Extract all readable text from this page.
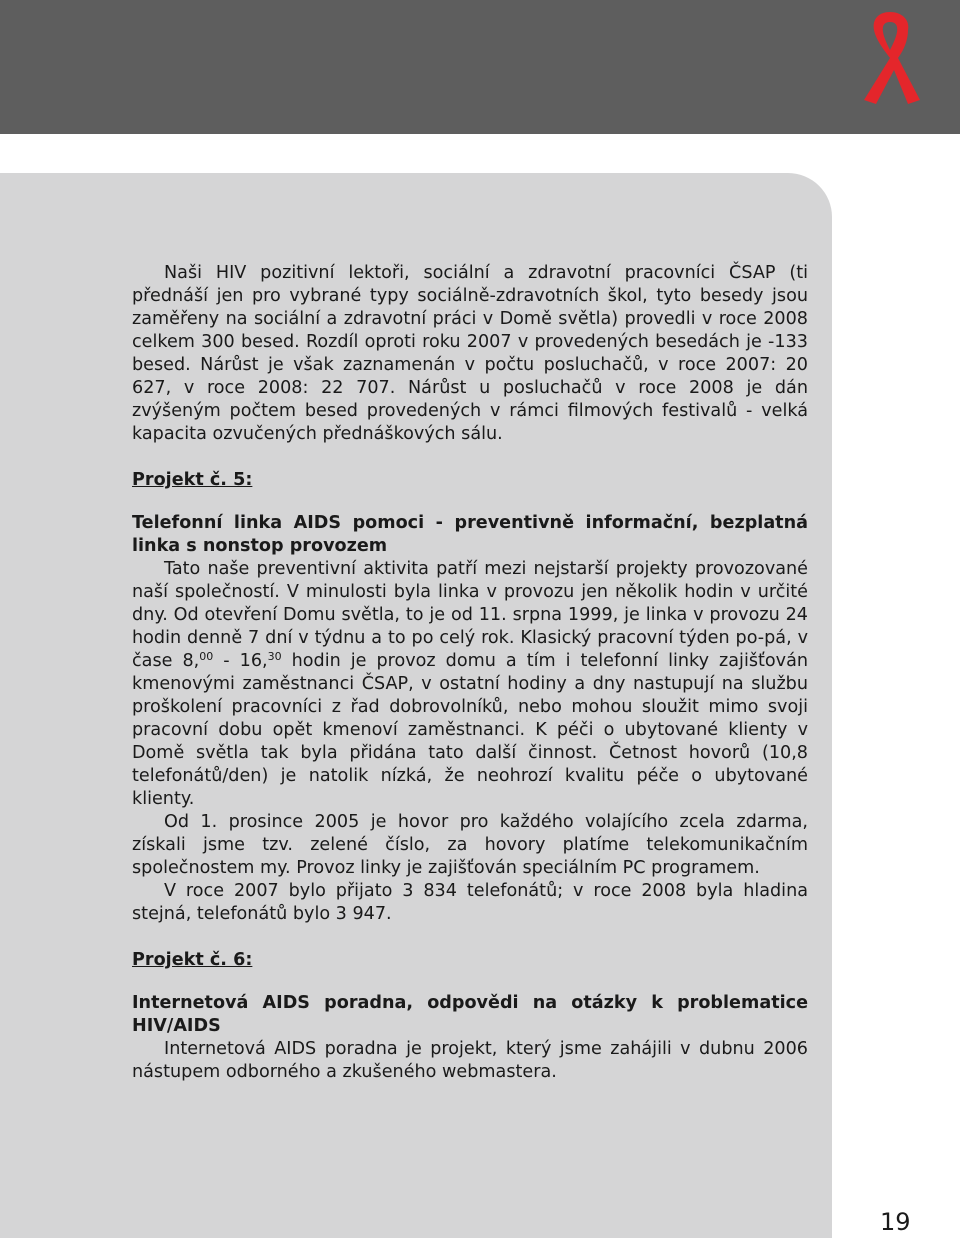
Naši HIV pozitivní lektoři, sociální a zdravotní pracovníci ČSAP (ti přednáší jen pro vybrané typy sociálně-zdravotních škol, tyto besedy jsou zaměřeny na sociální a zdravotní práci v Domě světla) provedli v roce 2008 celkem 300 besed. Rozdíl oproti roku 2007 v provedených besedách je -133 besed. Nárůst je však zaznamenán v počtu posluchačů, v roce 2007: 20 627, v roce 2008: 22 707. Nárůst u posluchačů v roce 2008 je dán zvýšeným počtem besed provedených v rámci filmových festivalů - velká kapacita ozvučených přednáškových sálu.

Projekt č. 5:

Telefonní linka AIDS pomoci - preventivně informační, bezplatná linka s nonstop provozem

Tato naše preventivní aktivita patří mezi nejstarší projekty provozované naší společností. V minulosti byla linka v provozu jen několik hodin v určité dny. Od otevření Domu světla, to je od 11. srpna 1999, je linka v provozu 24 hodin denně 7 dní v týdnu a to po celý rok. Klasický pracovní týden po-pá, v čase 8,00 - 16,30 hodin je provoz domu a tím i telefonní linky zajišťován kmenovými zaměstnanci ČSAP, v ostatní hodiny a dny nastupují na službu proškolení pracovníci z řad dobrovolníků, nebo mohou sloužit mimo svoji pracovní dobu opět kmenoví zaměstnanci. K péči o ubytované klienty v Domě světla tak byla přidána tato další činnost. Četnost hovorů (10,8 telefonátů/den) je natolik nízká, že neohrozí kvalitu péče o ubytované klienty.

Od 1. prosince 2005 je hovor pro každého volajícího zcela zdarma, získali jsme tzv. zelené číslo, za hovory platíme telekomunikačním společnostem my. Provoz linky je zajišťován speciálním PC programem.

V roce 2007 bylo přijato 3 834 telefonátů; v roce 2008 byla hladina stejná, telefonátů bylo 3 947.

Projekt č. 6:

Internetová AIDS poradna, odpovědi na otázky k problematice HIV/AIDS

Internetová AIDS poradna je projekt, který jsme zahájili v dubnu 2006 nástupem odborného a zkušeného webmastera.

19
